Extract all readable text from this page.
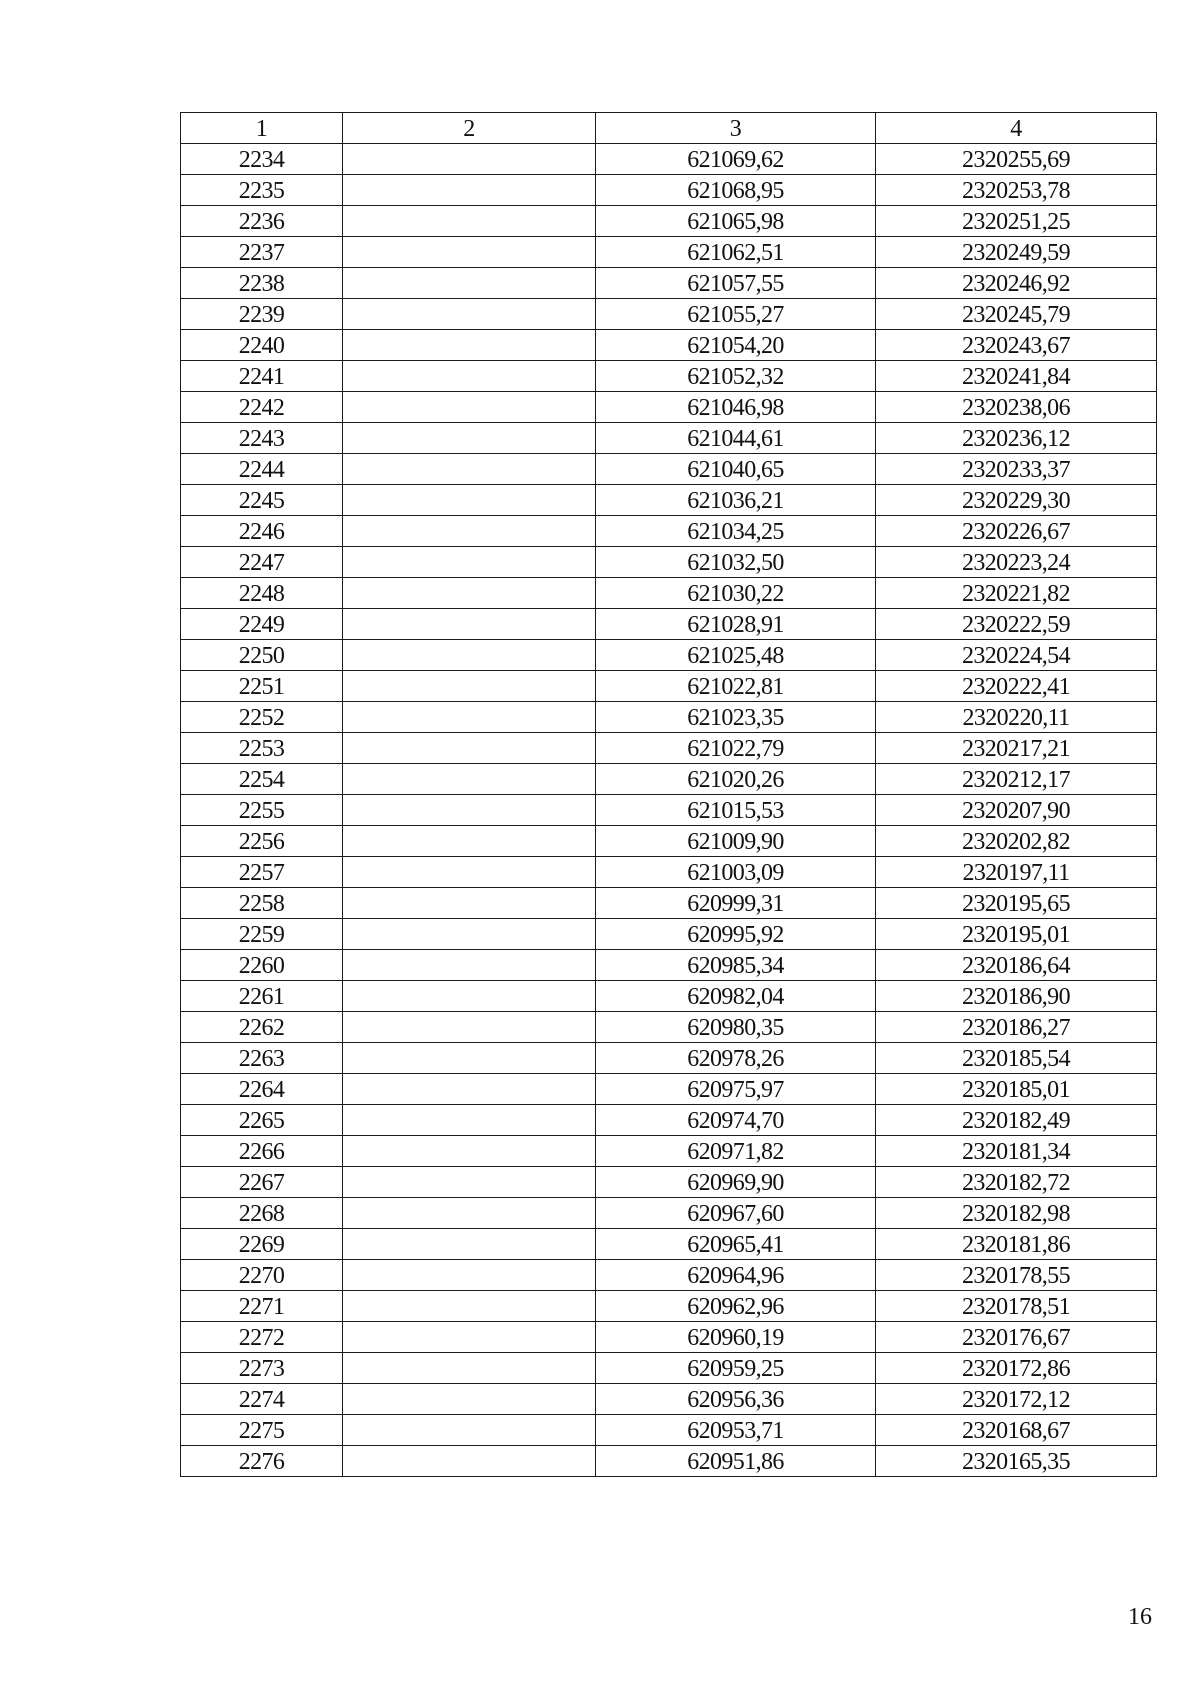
1	2	3	4
2234		621069,62	2320255,69
2235		621068,95	2320253,78
2236		621065,98	2320251,25
2237		621062,51	2320249,59
2238		621057,55	2320246,92
2239		621055,27	2320245,79
2240		621054,20	2320243,67
2241		621052,32	2320241,84
2242		621046,98	2320238,06
2243		621044,61	2320236,12
2244		621040,65	2320233,37
2245		621036,21	2320229,30
2246		621034,25	2320226,67
2247		621032,50	2320223,24
2248		621030,22	2320221,82
2249		621028,91	2320222,59
2250		621025,48	2320224,54
2251		621022,81	2320222,41
2252		621023,35	2320220,11
2253		621022,79	2320217,21
2254		621020,26	2320212,17
2255		621015,53	2320207,90
2256		621009,90	2320202,82
2257		621003,09	2320197,11
2258		620999,31	2320195,65
2259		620995,92	2320195,01
2260		620985,34	2320186,64
2261		620982,04	2320186,90
2262		620980,35	2320186,27
2263		620978,26	2320185,54
2264		620975,97	2320185,01
2265		620974,70	2320182,49
2266		620971,82	2320181,34
2267		620969,90	2320182,72
2268		620967,60	2320182,98
2269		620965,41	2320181,86
2270		620964,96	2320178,55
2271		620962,96	2320178,51
2272		620960,19	2320176,67
2273		620959,25	2320172,86
2274		620956,36	2320172,12
2275		620953,71	2320168,67
2276		620951,86	2320165,35
16
